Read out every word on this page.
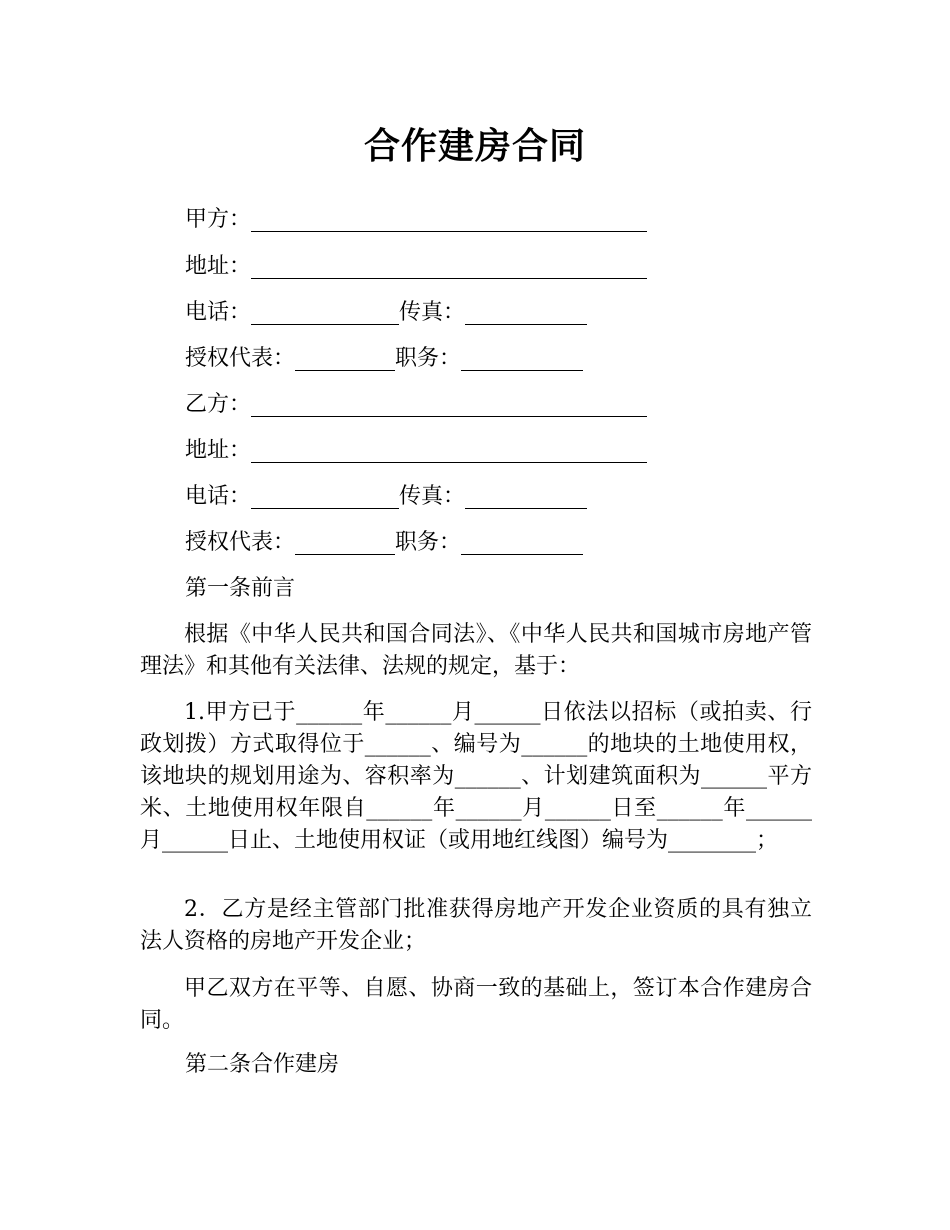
合作建房合同
甲方：
地址：
电话：	传真：
授权代表：	职务：
乙方：
地址：
电话：	传真：
授权代表：	职务：
第一条前言
根据《中华人民共和国合同法》、《中华人民共和国城市房地产管理法》和其他有关法律、法规的规定，基于：
1.甲方已于______年______月______日依法以招标（或拍卖、行政划拨）方式取得位于______、编号为______的地块的土地使用权，该地块的规划用途为、容积率为______、计划建筑面积为______平方米、土地使用权年限自______年______月______日至______年______月______日止、土地使用权证（或用地红线图）编号为________；
2．乙方是经主管部门批准获得房地产开发企业资质的具有独立法人资格的房地产开发企业；
甲乙双方在平等、自愿、协商一致的基础上，签订本合作建房合同。
第二条合作建房
